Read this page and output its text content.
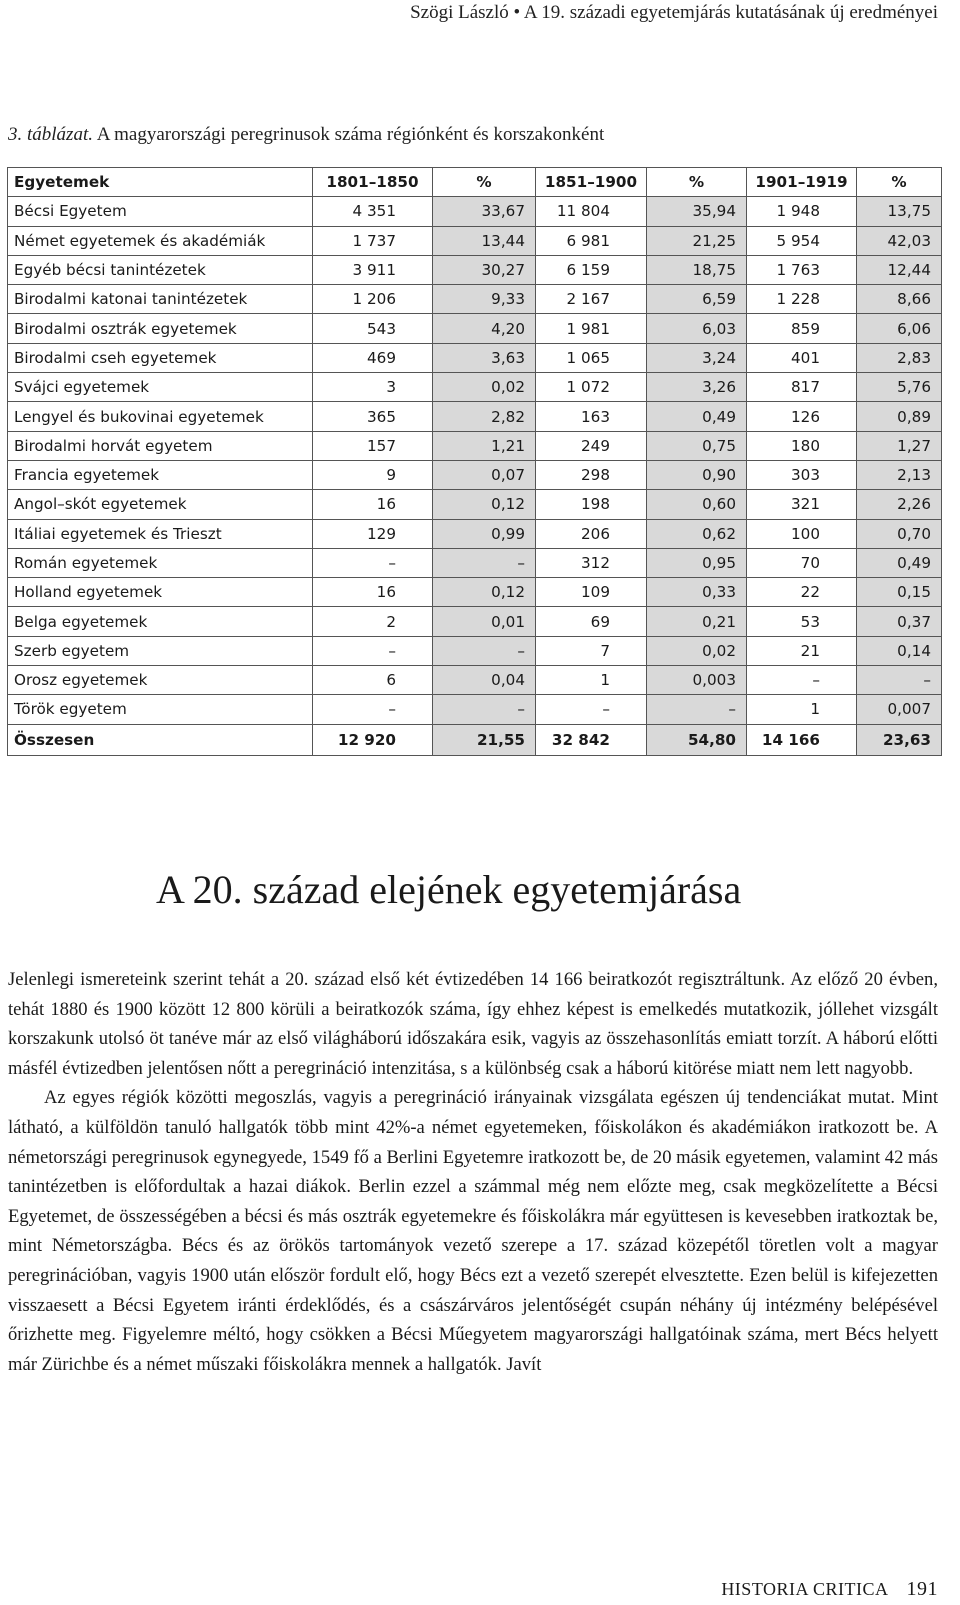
Szögi László • A 19. századi egyetemjárás kutatásának új eredményei
3. táblázat. A magyarországi peregrinusok száma régiónként és korszakonként
Egyetemek	1801–1850	%	1851–1900	%	1901–1919	%
Bécsi Egyetem	4 351	33,67	11 804	35,94	1 948	13,75
Német egyetemek és akadémiák	1 737	13,44	6 981	21,25	5 954	42,03
Egyéb bécsi tanintézetek	3 911	30,27	6 159	18,75	1 763	12,44
Birodalmi katonai tanintézetek	1 206	9,33	2 167	6,59	1 228	8,66
Birodalmi osztrák egyetemek	543	4,20	1 981	6,03	859	6,06
Birodalmi cseh egyetemek	469	3,63	1 065	3,24	401	2,83
Svájci egyetemek	3	0,02	1 072	3,26	817	5,76
Lengyel és bukovinai egyetemek	365	2,82	163	0,49	126	0,89
Birodalmi horvát egyetem	157	1,21	249	0,75	180	1,27
Francia egyetemek	9	0,07	298	0,90	303	2,13
Angol–skót egyetemek	16	0,12	198	0,60	321	2,26
Itáliai egyetemek és Trieszt	129	0,99	206	0,62	100	0,70
Román egyetemek	–	–	312	0,95	70	0,49
Holland egyetemek	16	0,12	109	0,33	22	0,15
Belga egyetemek	2	0,01	69	0,21	53	0,37
Szerb egyetem	–	–	7	0,02	21	0,14
Orosz egyetemek	6	0,04	1	0,003	–	–
Török egyetem	–	–	–	–	1	0,007
Összesen	12 920	21,55	32 842	54,80	14 166	23,63
A 20. század elejének egyetemjárása

Jelenlegi ismereteink szerint tehát a 20. század első két évtizedében 14 166 beiratkozót regisztráltunk. Az előző 20 évben, tehát 1880 és 1900 között 12 800 körüli a beiratkozók száma, így ehhez képest is emelkedés mutatkozik, jóllehet vizsgált korszakunk utolsó öt tanéve már az első világháború időszakára esik, vagyis az összehasonlítás emiatt torzít. A háború előtti másfél évtizedben jelentősen nőtt a peregrináció intenzitása, s a különbség csak a háború kitörése miatt nem lett nagyobb.

Az egyes régiók közötti megoszlás, vagyis a peregrináció irányainak vizsgálata egészen új tendenciákat mutat. Mint látható, a külföldön tanuló hallgatók több mint 42%-a német egyetemeken, főiskolákon és akadémiákon iratkozott be. A németországi peregrinusok egynegyede, 1549 fő a Berlini Egyetemre iratkozott be, de 20 másik egyetemen, valamint 42 más tanintézetben is előfordultak a hazai diákok. Berlin ezzel a számmal még nem előzte meg, csak megközelítette a Bécsi Egyetemet, de összességében a bécsi és más osztrák egyetemekre és főiskolákra már együttesen is kevesebben iratkoztak be, mint Németországba. Bécs és az örökös tartományok vezető szerepe a 17. század közepétől töretlen volt a magyar peregrinációban, vagyis 1900 után először fordult elő, hogy Bécs ezt a vezető szerepét elvesztette. Ezen belül is kifejezetten visszaesett a Bécsi Egyetem iránti érdeklődés, és a császárváros jelentőségét csupán néhány új intézmény belépésével őrizhette meg. Figyelemre méltó, hogy csökken a Bécsi Műegyetem magyarországi hallgatóinak száma, mert Bécs helyett már Zürichbe és a német műszaki főiskolákra mennek a hallgatók. Javít

HISTORIA CRITICA 191
